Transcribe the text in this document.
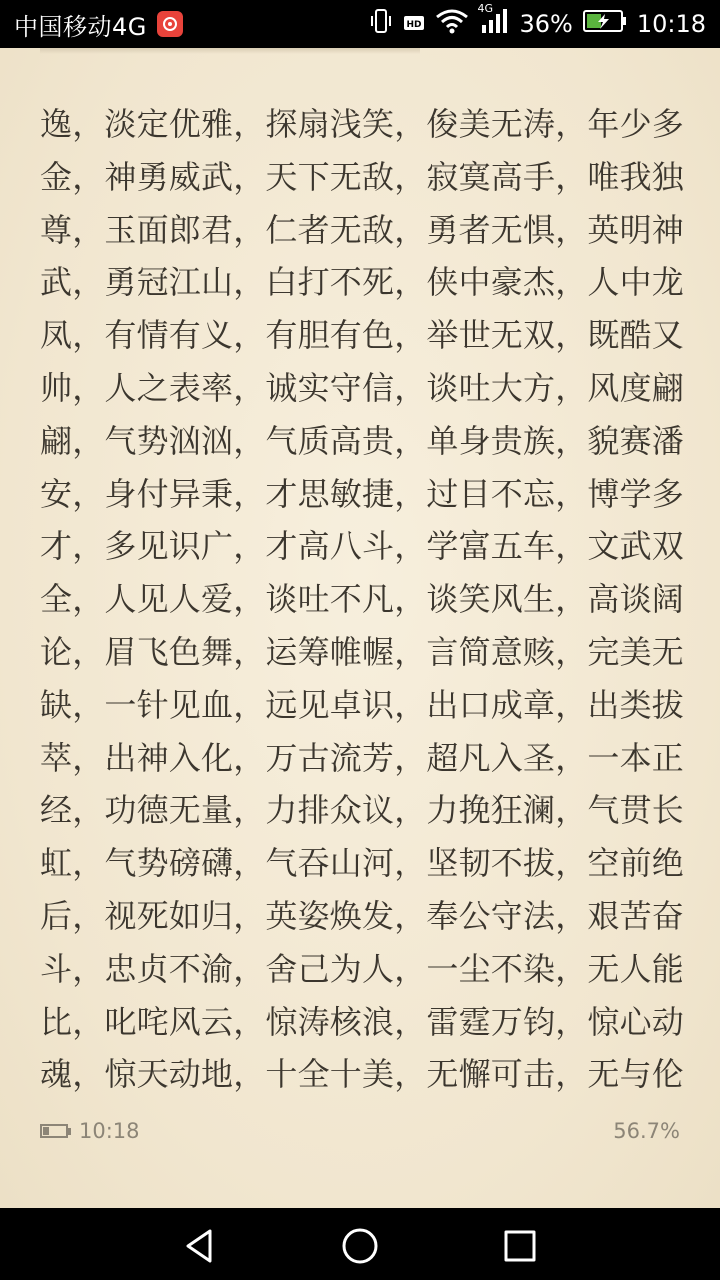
中国移动4G	HD
4G
36%	10:18
逸，淡定优雅，探扇浅笑，俊美无涛，年少多
金，神勇威武，天下无敌，寂寞高手，唯我独
尊，玉面郎君，仁者无敌，勇者无惧，英明神
武，勇冠江山，白打不死，侠中豪杰，人中龙
凤，有情有义，有胆有色，举世无双，既酷又
帅，人之表率，诚实守信，谈吐大方，风度翩
翩，气势汹汹，气质高贵，单身贵族，貌赛潘
安，身付异秉，才思敏捷，过目不忘，博学多
才，多见识广，才高八斗，学富五车，文武双
全，人见人爱，谈吐不凡，谈笑风生，高谈阔
论，眉飞色舞，运筹帷幄，言简意赅，完美无
缺，一针见血，远见卓识，出口成章，出类拔
萃，出神入化，万古流芳，超凡入圣，一本正
经，功德无量，力排众议，力挽狂澜，气贯长
虹，气势磅礴，气吞山河，坚韧不拔，空前绝
后，视死如归，英姿焕发，奉公守法，艰苦奋
斗，忠贞不渝，舍己为人，一尘不染，无人能
比，叱咤风云，惊涛核浪，雷霆万钧，惊心动
魂，惊天动地，十全十美，无懈可击，无与伦
10:18	56.7%
